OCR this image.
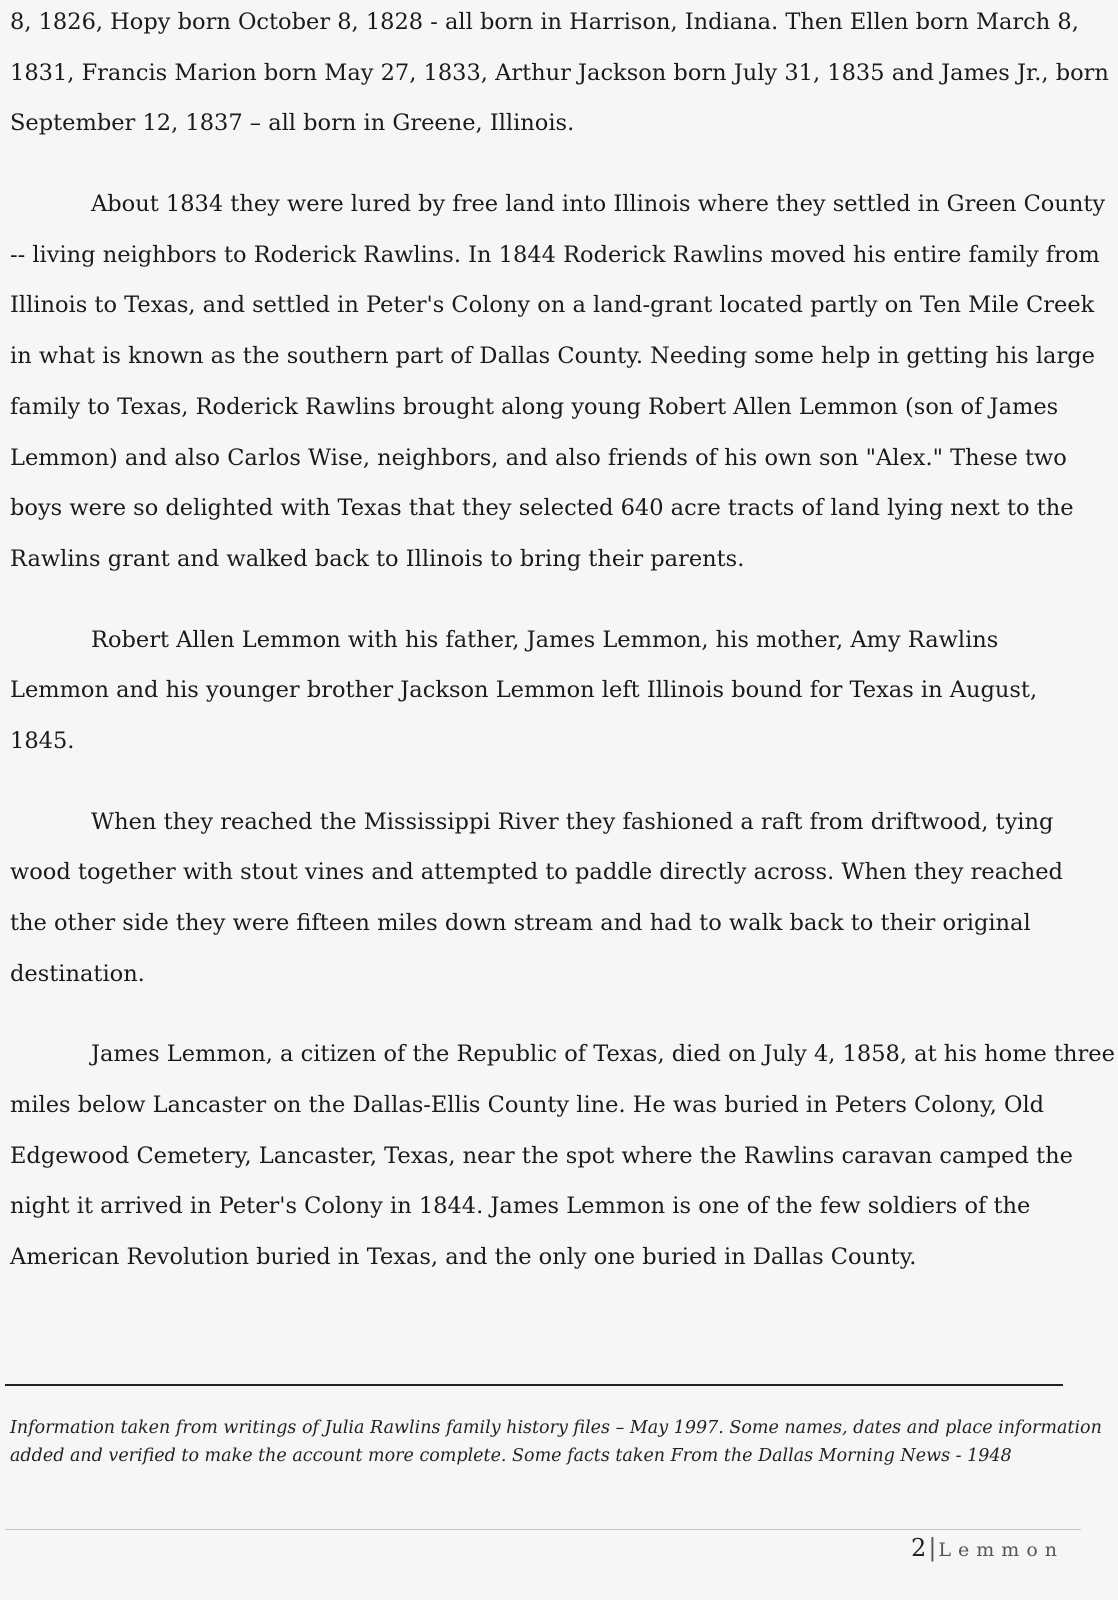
8, 1826, Hopy born October 8, 1828 - all born in Harrison, Indiana. Then Ellen born March 8,
1831, Francis Marion born May 27, 1833, Arthur Jackson born July 31, 1835 and James Jr., born
September 12, 1837 – all born in Greene, Illinois.
About 1834 they were lured by free land into Illinois where they settled in Green County
-- living neighbors to Roderick Rawlins. In 1844 Roderick Rawlins moved his entire family from
Illinois to Texas, and settled in Peter's Colony on a land-grant located partly on Ten Mile Creek
in what is known as the southern part of Dallas County. Needing some help in getting his large
family to Texas, Roderick Rawlins brought along young Robert Allen Lemmon (son of James
Lemmon) and also Carlos Wise, neighbors, and also friends of his own son "Alex." These two
boys were so delighted with Texas that they selected 640 acre tracts of land lying next to the
Rawlins grant and walked back to Illinois to bring their parents.
Robert Allen Lemmon with his father, James Lemmon, his mother, Amy Rawlins
Lemmon and his younger brother Jackson Lemmon left Illinois bound for Texas in August,
1845.
When they reached the Mississippi River they fashioned a raft from driftwood, tying
wood together with stout vines and attempted to paddle directly across. When they reached
the other side they were fifteen miles down stream and had to walk back to their original
destination.
James Lemmon, a citizen of the Republic of Texas, died on July 4, 1858, at his home three
miles below Lancaster on the Dallas-Ellis County line. He was buried in Peters Colony, Old
Edgewood Cemetery, Lancaster, Texas, near the spot where the Rawlins caravan camped the
night it arrived in Peter's Colony in 1844. James Lemmon is one of the few soldiers of the
American Revolution buried in Texas, and the only one buried in Dallas County.
Information taken from writings of Julia Rawlins family history files – May 1997. Some names, dates and place information
added and verified to make the account more complete. Some facts taken From the Dallas Morning News - 1948
2| Lemmon
